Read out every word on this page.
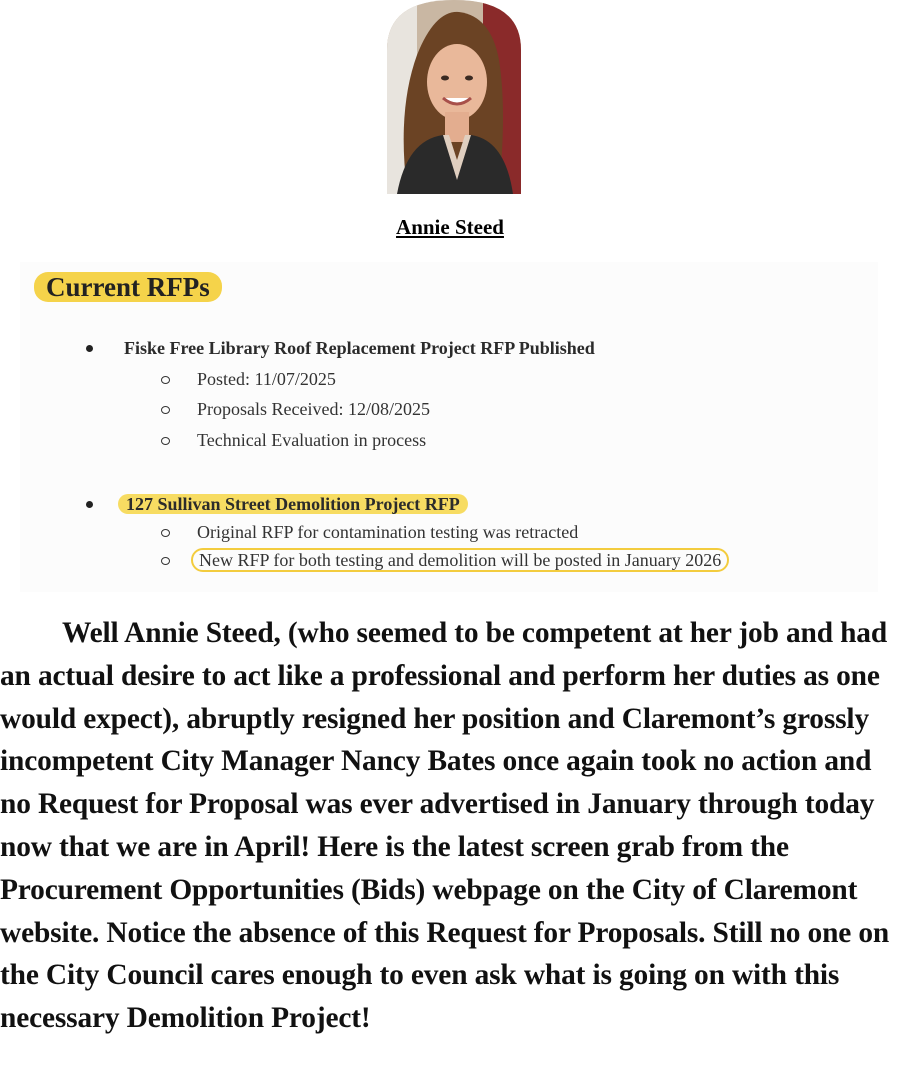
Annie Steed
Current RFPs
Fiske Free Library Roof Replacement Project RFP Published
Posted: 11/07/2025
Proposals Received: 12/08/2025
Technical Evaluation in process
127 Sullivan Street Demolition Project RFP
Original RFP for contamination testing was retracted
New RFP for both testing and demolition will be posted in January 2026

Well Annie Steed, (who seemed to be competent at her job and had an actual desire to act like a professional and perform her duties as one would expect), abruptly resigned her position and Claremont’s grossly incompetent City Manager Nancy Bates once again took no action and no Request for Proposal was ever advertised in January through today now that we are in April! Here is the latest screen grab from the Procurement Opportunities (Bids) webpage on the City of Claremont website. Notice the absence of this Request for Proposals. Still no one on the City Council cares enough to even ask what is going on with this necessary Demolition Project!
